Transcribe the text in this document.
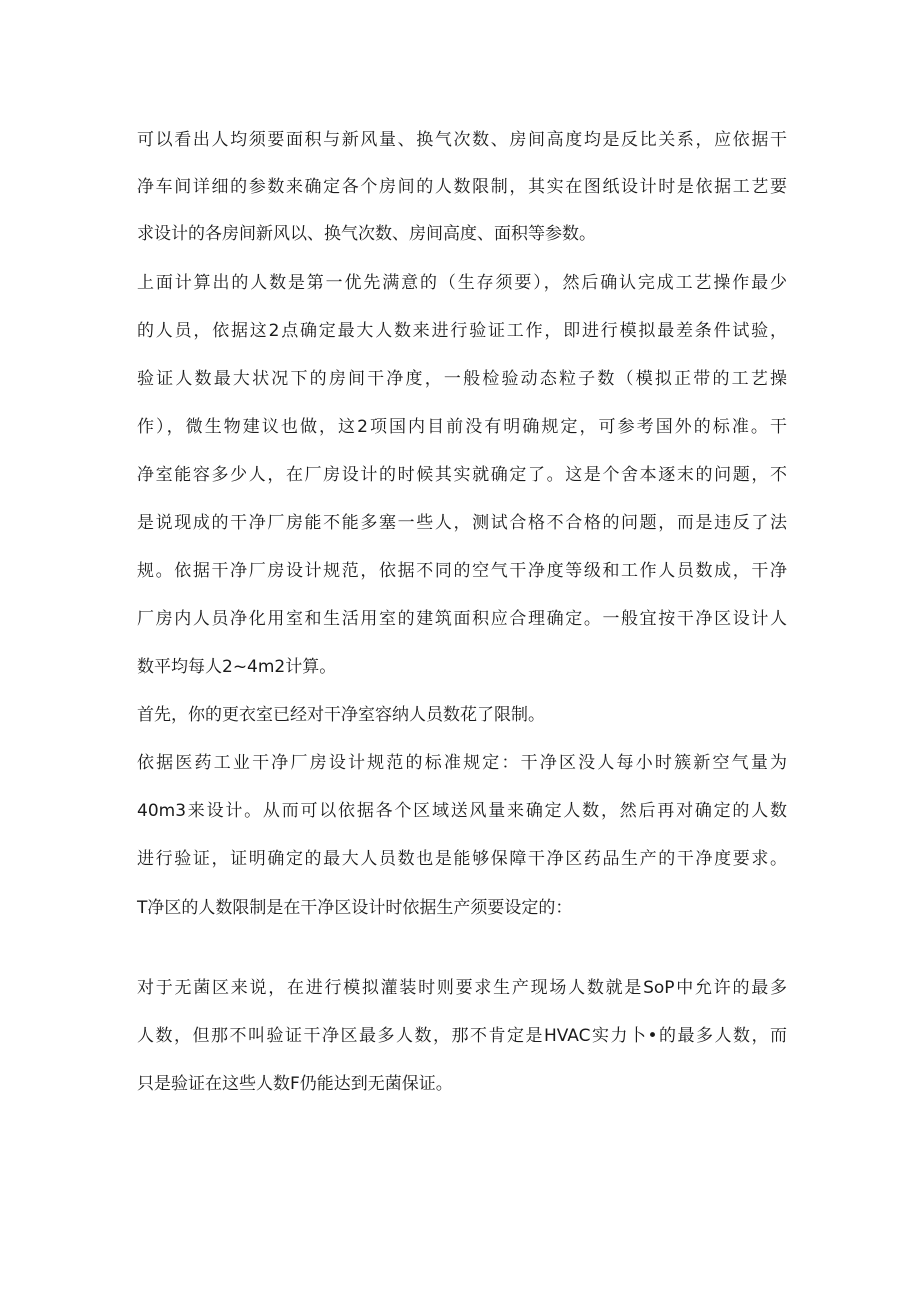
可以看出人均须要面积与新风量、换气次数、房间高度均是反比关系，应依据干
净车间详细的参数来确定各个房间的人数限制，其实在图纸设计时是依据工艺要
求设计的各房间新风以、换气次数、房间高度、面积等参数。
上面计算出的人数是第一优先满意的（生存须要），然后确认完成工艺操作最少
的人员，依据这2点确定最大人数来进行验证工作，即进行模拟最差条件试验，
验证人数最大状况下的房间干净度，一般检验动态粒子数（模拟正带的工艺操
作），微生物建议也做，这2项国内目前没有明确规定，可参考国外的标准。干
净室能容多少人，在厂房设计的时候其实就确定了。这是个舍本逐末的问题，不
是说现成的干净厂房能不能多塞一些人，测试合格不合格的问题，而是违反了法
规。依据干净厂房设计规范，依据不同的空气干净度等级和工作人员数成，干净
厂房内人员净化用室和生活用室的建筑面积应合理确定。一般宜按干净区设计人
数平均每人2~4m2计算。
首先，你的更衣室已经对干净室容纳人员数花了限制。
依据医药工业干净厂房设计规范的标准规定：干净区没人每小时簇新空气量为
40m3来设计。从而可以依据各个区域送风量来确定人数，然后再对确定的人数
进行验证，证明确定的最大人员数也是能够保障干净区药品生产的干净度要求。
T净区的人数限制是在干净区设计时依据生产须要设定的：
对于无菌区来说，在进行模拟灌装时则要求生产现场人数就是SoP中允许的最多
人数，但那不叫验证干净区最多人数，那不肯定是HVAC实力卜•的最多人数，而
只是验证在这些人数F仍能达到无菌保证。
